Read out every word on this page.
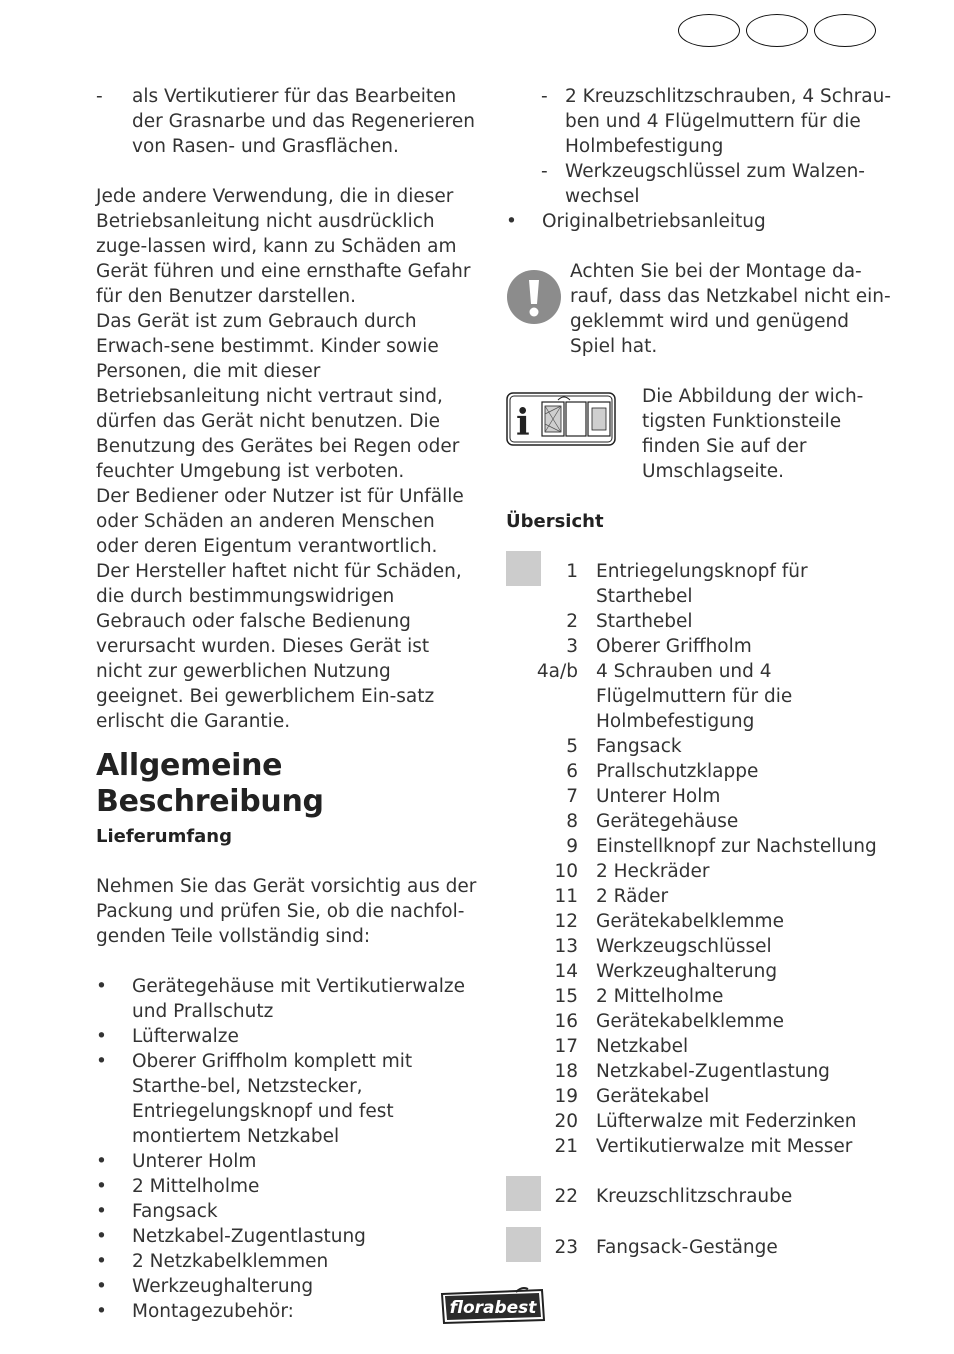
- als Vertikutierer für das Bearbeiten der Grasnarbe und das Regenerieren von Rasen- und Grasflächen.

Jede andere Verwendung, die in dieser Betriebsanleitung nicht ausdrücklich zuge-lassen wird, kann zu Schäden am Gerät führen und eine ernsthafte Gefahr für den Benutzer darstellen.

Das Gerät ist zum Gebrauch durch Erwach-sene bestimmt. Kinder sowie Personen, die mit dieser Betriebsanleitung nicht vertraut sind, dürfen das Gerät nicht benutzen. Die Benutzung des Gerätes bei Regen oder feuchter Umgebung ist verboten.

Der Bediener oder Nutzer ist für Unfälle oder Schäden an anderen Menschen oder deren Eigentum verantwortlich.

Der Hersteller haftet nicht für Schäden, die durch bestimmungswidrigen Gebrauch oder falsche Bedienung verursacht wurden. Dieses Gerät ist nicht zur gewerblichen Nutzung geeignet. Bei gewerblichem Ein-satz erlischt die Garantie.

Allgemeine
Beschreibung
Lieferumfang

Nehmen Sie das Gerät vorsichtig aus der Packung und prüfen Sie, ob die nachfol-genden Teile vollständig sind:

• Gerätegehäuse mit Vertikutierwalze und Prallschutz
• Lüfterwalze
• Oberer Griffholm komplett mit Starthe-bel, Netzstecker, Entriegelungsknopf und fest montiertem Netzkabel
• Unterer Holm
• 2 Mittelholme
• Fangsack
• Netzkabel-Zugentlastung
• 2 Netzkabelklemmen
• Werkzeughalterung
• Montagezubehör:
- 2 Kreuzschlitzschrauben, 4 Schrau-ben und 4 Flügelmuttern für die Holmbefestigung
- Werkzeugschlüssel zum Walzen-wechsel
• Originalbetriebsanleitug

Achten Sie bei der Montage da-rauf, dass das Netzkabel nicht ein-geklemmt wird und genügend Spiel hat.

i

Die Abbildung der wich-tigsten Funktionsteile finden Sie auf der Umschlagseite.

Übersicht
1 Entriegelungsknopf für Starthebel
2 Starthebel
3 Oberer Griffholm
4a/b 4 Schrauben und 4 Flügelmuttern für die Holmbefestigung
5 Fangsack
6 Prallschutzklappe
7 Unterer Holm
8 Gerätegehäuse
9 Einstellknopf zur Nachstellung
10 2 Heckräder
11 2 Räder
12 Gerätekabelklemme
13 Werkzeugschlüssel
14 Werkzeughalterung
15 2 Mittelholme
16 Gerätekabelklemme
17 Netzkabel
18 Netzkabel-Zugentlastung
19 Gerätekabel
20 Lüfterwalze mit Federzinken
21 Vertikutierwalze mit Messer
22 Kreuzschlitzschraube
23 Fangsack-Gestänge
florabest
